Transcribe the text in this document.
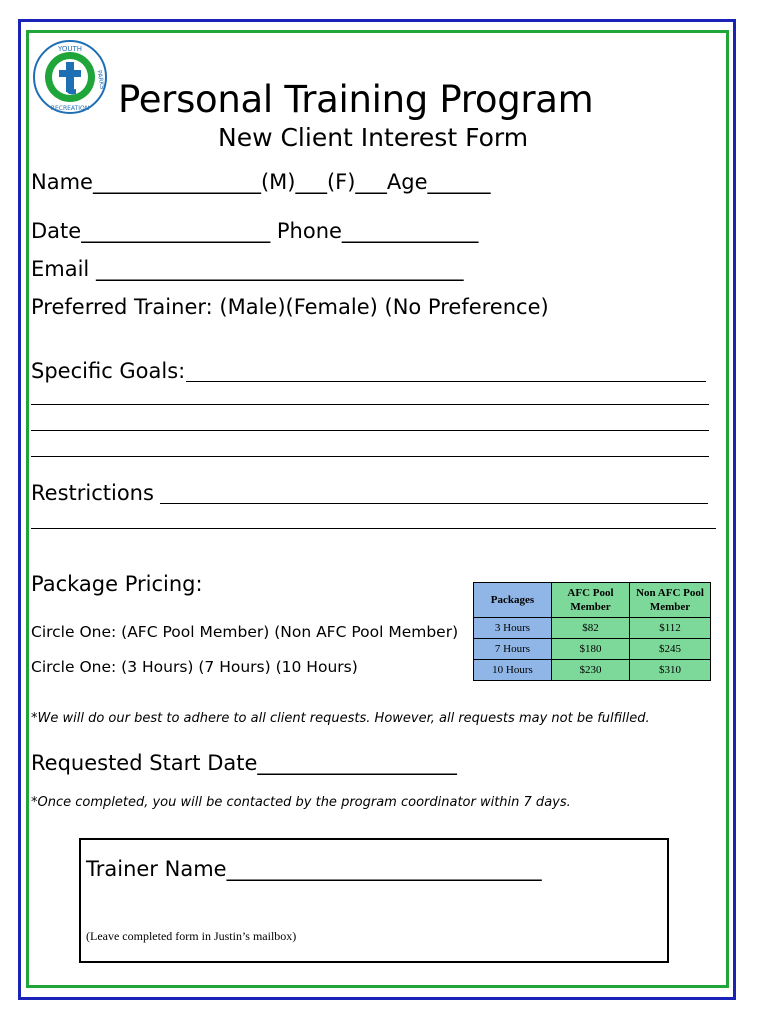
YOUTH
PARKS
RECREATION Personal Training Program
New Client Interest Form
Name________________(M)___(F)___Age______
Date__________________ Phone_____________
Email ___________________________________
Preferred Trainer: (Male)(Female) (No Preference)
Specific Goals:
Restrictions
Package Pricing:
Circle One: (AFC Pool Member) (Non AFC Pool Member)
Circle One: (3 Hours) (7 Hours) (10 Hours)
Packages	AFC Pool Member	Non AFC Pool Member
3 Hours	$82	$112
7 Hours	$180	$245
10 Hours	$230	$310
*We will do our best to adhere to all client requests. However, all requests may not be fulfilled.
Requested Start Date___________________
*Once completed, you will be contacted by the program coordinator within 7 days.
Trainer Name______________________________
(Leave completed form in Justin’s mailbox)
